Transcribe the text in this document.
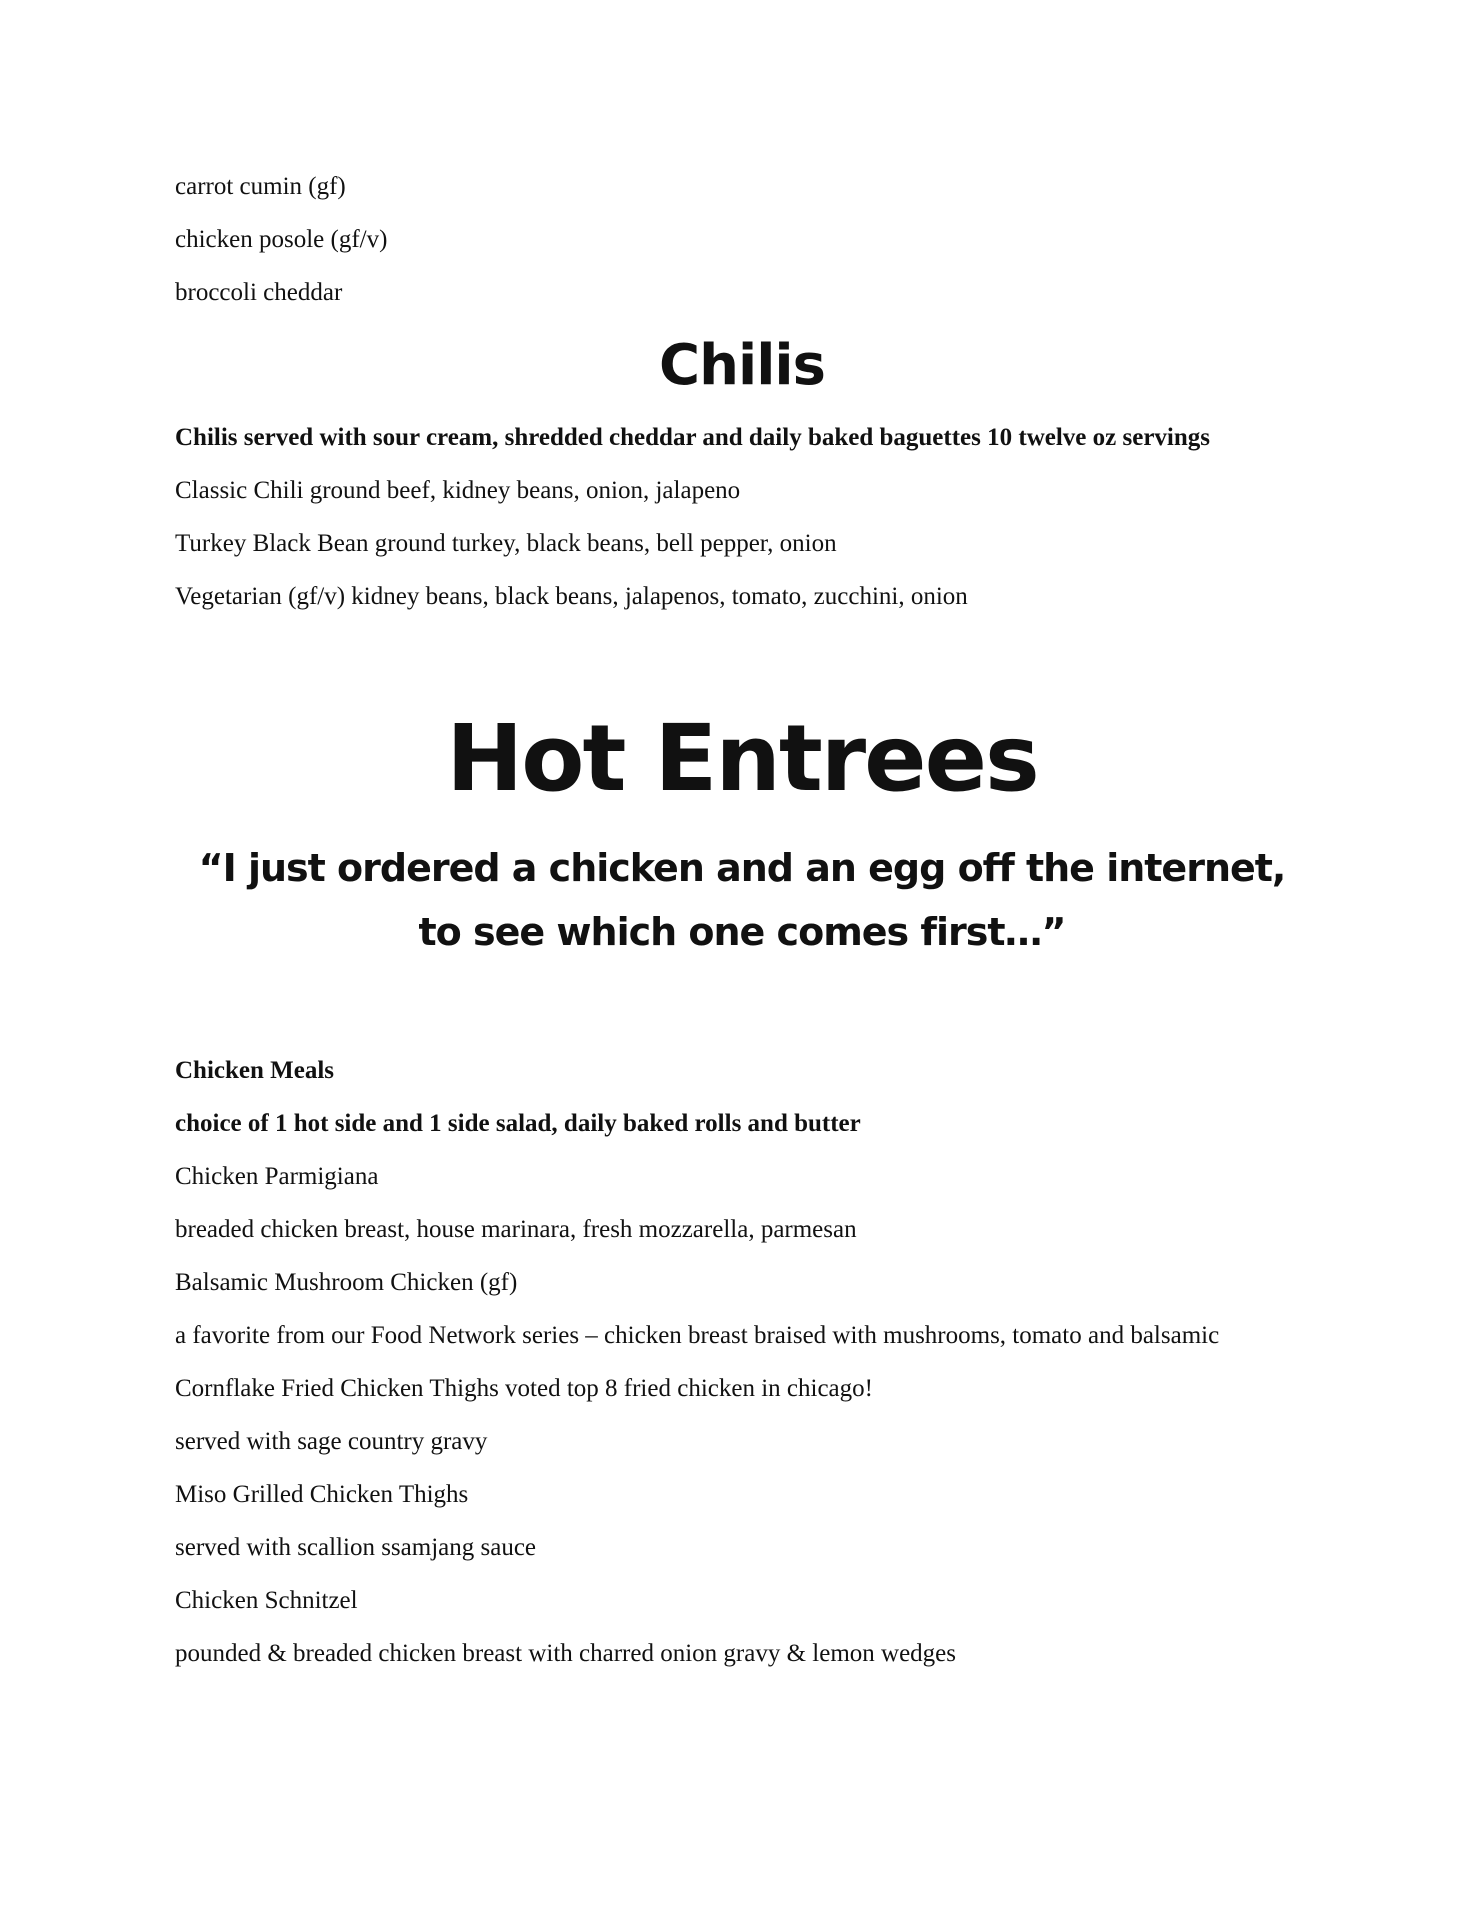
carrot cumin (gf)

chicken posole (gf/v)

broccoli cheddar

Chilis

Chilis served with sour cream, shredded cheddar and daily baked baguettes 10 twelve oz servings

Classic Chili ground beef, kidney beans, onion, jalapeno

Turkey Black Bean ground turkey, black beans, bell pepper, onion

Vegetarian (gf/v) kidney beans, black beans, jalapenos, tomato, zucchini, onion

Hot Entrees

“I just ordered a chicken and an egg off the internet, to see which one comes first…”

Chicken Meals

choice of 1 hot side and 1 side salad, daily baked rolls and butter

Chicken Parmigiana

breaded chicken breast, house marinara, fresh mozzarella, parmesan

Balsamic Mushroom Chicken (gf)

a favorite from our Food Network series – chicken breast braised with mushrooms, tomato and balsamic

Cornflake Fried Chicken Thighs voted top 8 fried chicken in chicago!

served with sage country gravy

Miso Grilled Chicken Thighs

served with scallion ssamjang sauce

Chicken Schnitzel

pounded & breaded chicken breast with charred onion gravy & lemon wedges
